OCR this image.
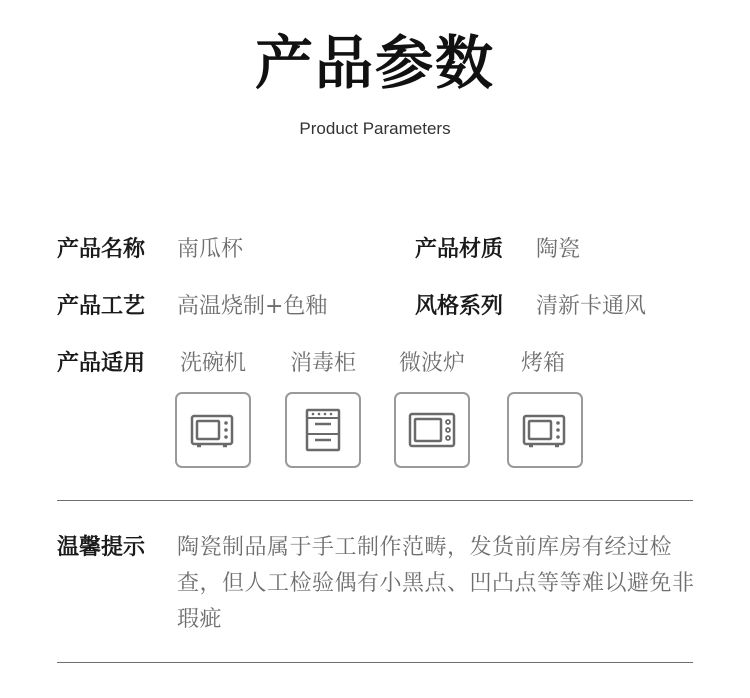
产品参数
Product Parameters
产品名称 南瓜杯	产品材质 陶瓷
产品工艺 高温烧制+色釉	风格系列 清新卡通风
产品适用	洗碗机	消毒柜	微波炉	烤箱
温馨提示 陶瓷制品属于手工制作范畴，发货前库房有经过检查，但人工检验偶有小黑点、凹凸点等等难以避免非瑕疵
